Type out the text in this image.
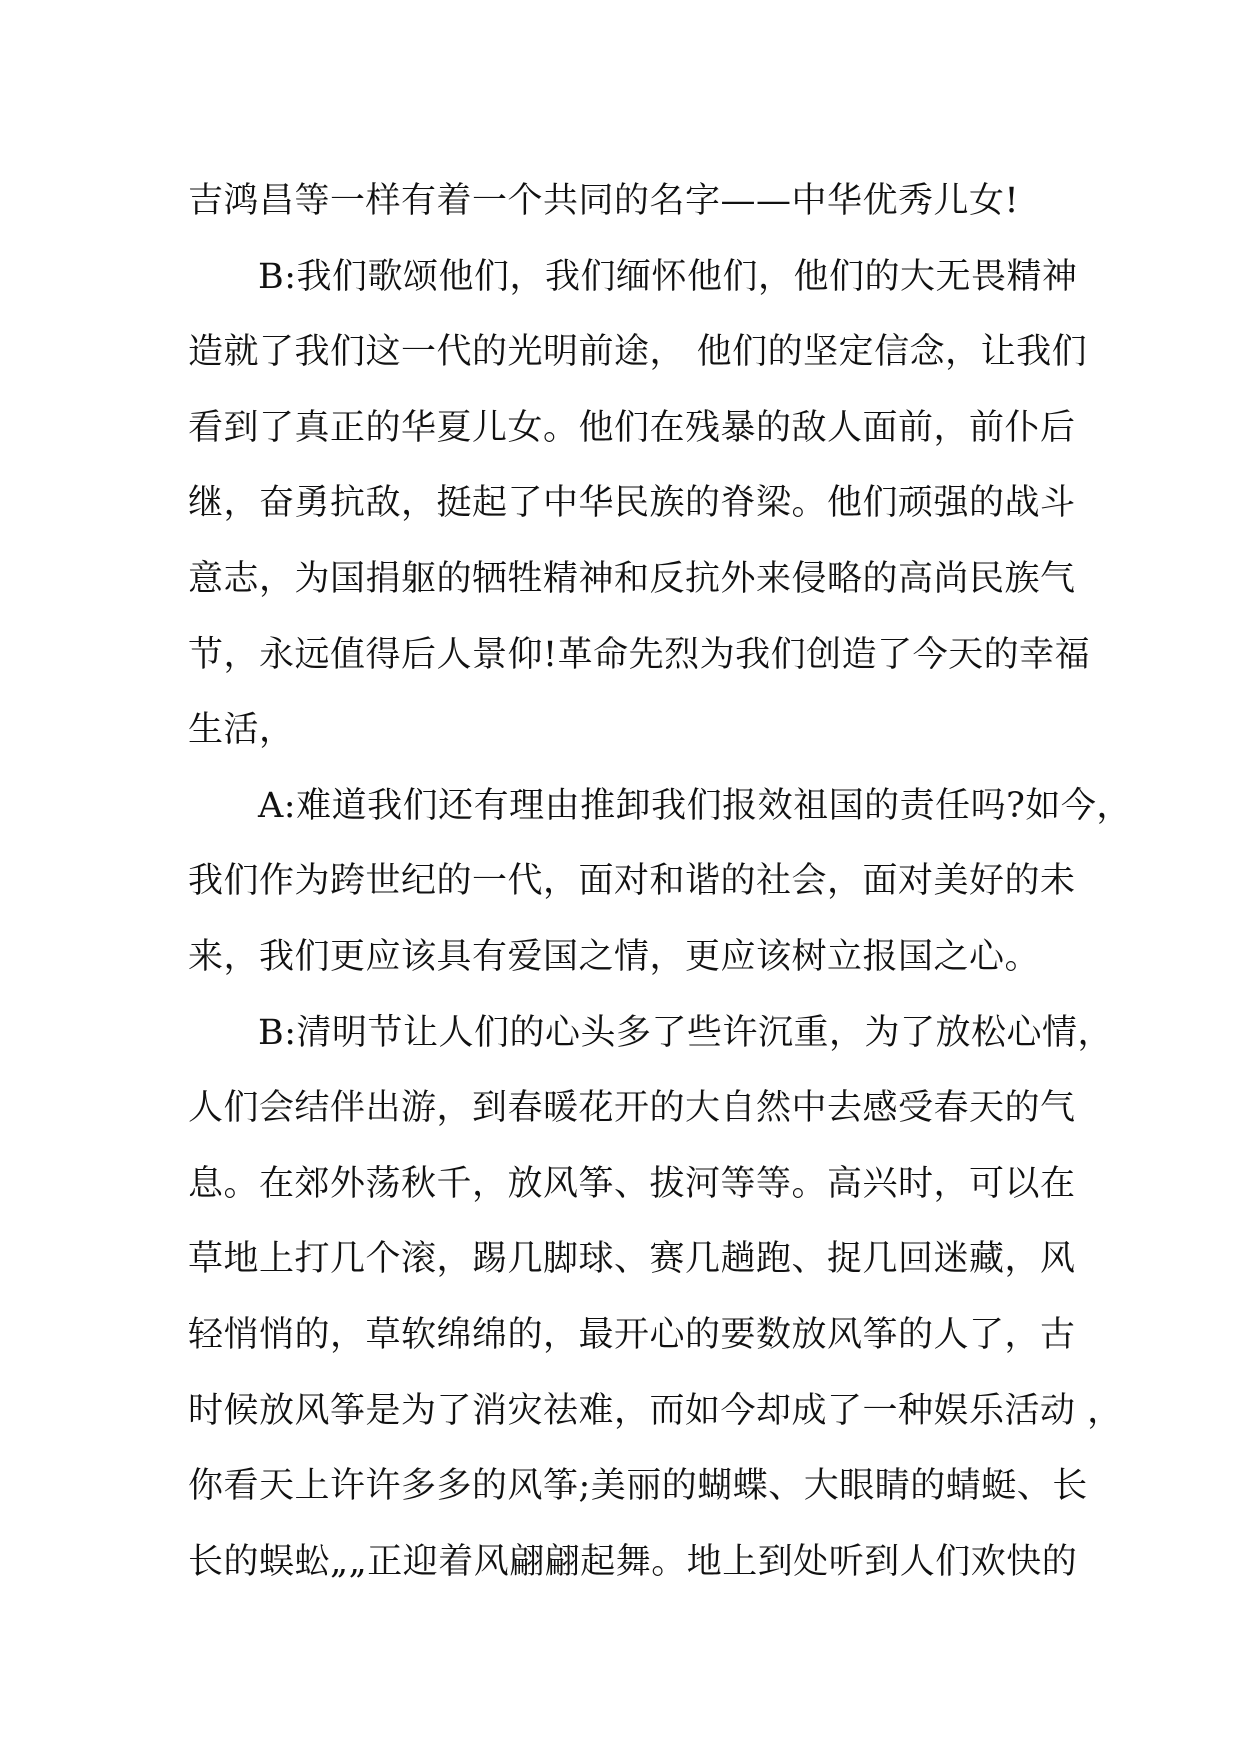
吉鸿昌等一样有着一个共同的名字——中华优秀儿女!
B:我们歌颂他们，我们缅怀他们，他们的大无畏精神
造就了我们这一代的光明前途， 他们的坚定信念，让我们
看到了真正的华夏儿女。他们在残暴的敌人面前，前仆后
继，奋勇抗敌，挺起了中华民族的脊梁。他们顽强的战斗
意志，为国捐躯的牺牲精神和反抗外来侵略的高尚民族气
节，永远值得后人景仰!革命先烈为我们创造了今天的幸福
生活，
A:难道我们还有理由推卸我们报效祖国的责任吗?如今，
我们作为跨世纪的一代，面对和谐的社会，面对美好的未
来，我们更应该具有爱国之情，更应该树立报国之心。
B:清明节让人们的心头多了些许沉重，为了放松心情，
人们会结伴出游，到春暖花开的大自然中去感受春天的气
息。在郊外荡秋千，放风筝、拔河等等。高兴时，可以在
草地上打几个滚，踢几脚球、赛几趟跑、捉几回迷藏，风
轻悄悄的，草软绵绵的，最开心的要数放风筝的人了，古
时候放风筝是为了消灾祛难，而如今却成了一种娱乐活动 ，
你看天上许许多多的风筝;美丽的蝴蝶、大眼睛的蜻蜓、长
长的蜈蚣„„正迎着风翩翩起舞。地上到处听到人们欢快的
